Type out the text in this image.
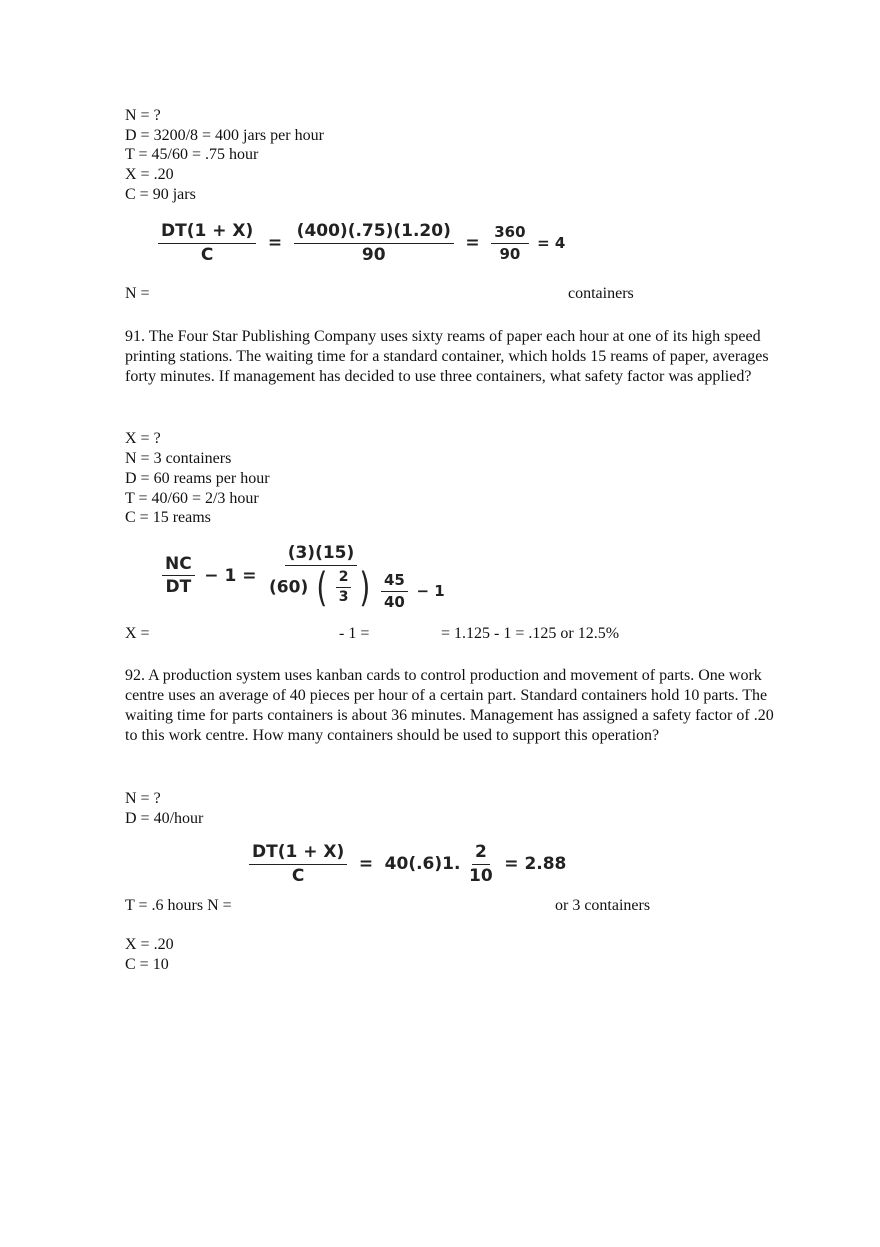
N = ?
D = 3200/8 = 400 jars per hour
T = 45/60 = .75 hour
X = .20
C = 90 jars
$\frac{DT(1 + X)}{C} = \frac{(400)(.75)(1.20)}{90} = \frac{360}{90} = 4$
N =	containers
91. The Four Star Publishing Company uses sixty reams of paper each hour at one of its high speed printing stations. The waiting time for a standard container, which holds 15 reams of paper, averages forty minutes. If management has decided to use three containers, what safety factor was applied?
X = ?
N = 3 containers
D = 60 reams per hour
T = 40/60 = 2/3 hour
C = 15 reams
$\frac{NC}{DT} - 1 = \frac{(3)(15)}{(60) ( \frac{2}{3} )} \frac{45}{40} - 1$
X =	- 1 =	= 1.125 - 1 = .125 or 12.5%
92. A production system uses kanban cards to control production and movement of parts. One work centre uses an average of 40 pieces per hour of a certain part. Standard containers hold 10 parts. The waiting time for parts containers is about 36 minutes. Management has assigned a safety factor of .20 to this work centre. How many containers should be used to support this operation?
N = ?
D = 40/hour
$\frac{DT(1 + X)}{C} = 40(.6)1$. $\frac{2}{10} = 2.88$
T = .6 hours N =	or 3 containers
X = .20
C = 10
